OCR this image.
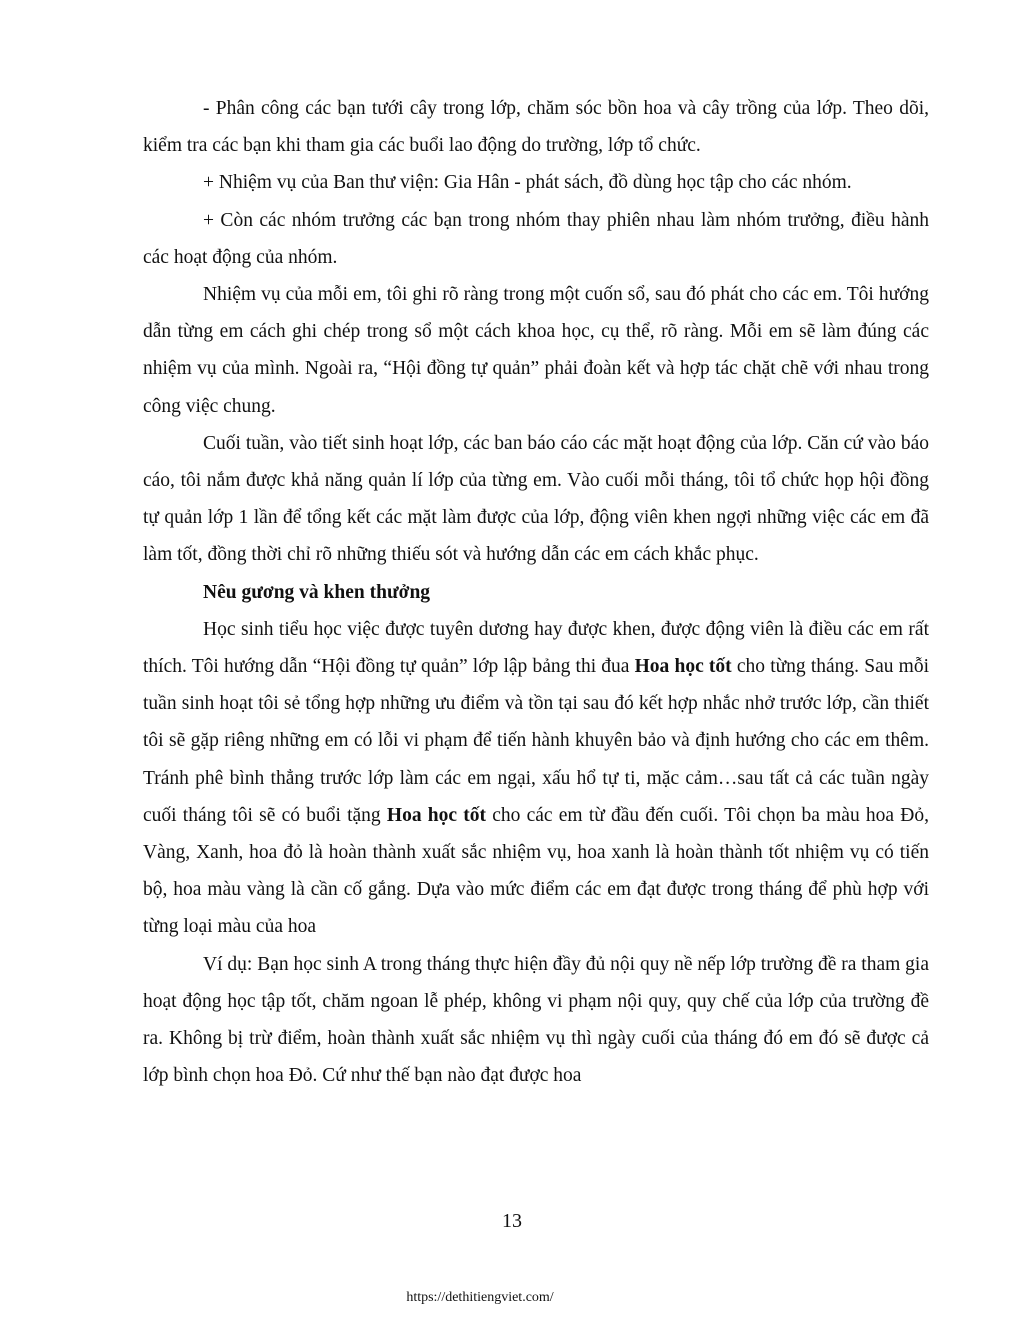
- Phân công các bạn tưới cây trong lớp, chăm sóc bồn hoa và cây trồng của lớp. Theo dõi, kiểm tra các bạn khi tham gia các buổi lao động do trường, lớp tổ chức.

+ Nhiệm vụ của Ban thư viện: Gia Hân - phát sách, đồ dùng học tập cho các nhóm.

+ Còn các nhóm trưởng các bạn trong nhóm thay phiên nhau làm nhóm trưởng, điều hành các hoạt động của nhóm.

Nhiệm vụ của mỗi em, tôi ghi rõ ràng trong một cuốn sổ, sau đó phát cho các em. Tôi hướng dẫn từng em cách ghi chép trong sổ một cách khoa học, cụ thể, rõ ràng. Mỗi em sẽ làm đúng các nhiệm vụ của mình. Ngoài ra, “Hội đồng tự quản” phải đoàn kết và hợp tác chặt chẽ với nhau trong công việc chung.

Cuối tuần, vào tiết sinh hoạt lớp, các ban báo cáo các mặt hoạt động của lớp. Căn cứ vào báo cáo, tôi nắm được khả năng quản lí lớp của từng em. Vào cuối mỗi tháng, tôi tổ chức họp hội đồng tự quản lớp 1 lần để tổng kết các mặt làm được của lớp, động viên khen ngợi những việc các em đã làm tốt, đồng thời chỉ rõ những thiếu sót và hướng dẫn các em cách khắc phục.

Nêu gương và khen thưởng

Học sinh tiểu học việc được tuyên dương hay được khen, được động viên là điều các em rất thích. Tôi hướng dẫn “Hội đồng tự quản” lớp lập bảng thi đua Hoa học tốt cho từng tháng. Sau mỗi tuần sinh hoạt tôi sẻ tổng hợp những ưu điểm và tồn tại sau đó kết hợp nhắc nhở trước lớp, cần thiết tôi sẽ gặp riêng những em có lỗi vi phạm để tiến hành khuyên bảo và định hướng cho các em thêm. Tránh phê bình thẳng trước lớp làm các em ngại, xấu hổ tự ti, mặc cảm…sau tất cả các tuần ngày cuối tháng tôi sẽ có buổi tặng Hoa học tốt cho các em từ đầu đến cuối. Tôi chọn ba màu hoa Đỏ, Vàng, Xanh, hoa đỏ là hoàn thành xuất sắc nhiệm vụ, hoa xanh là hoàn thành tốt nhiệm vụ có tiến bộ, hoa màu vàng là cần cố gắng. Dựa vào mức điểm các em đạt được trong tháng để phù hợp với từng loại màu của hoa

Ví dụ: Bạn học sinh A trong tháng thực hiện đầy đủ nội quy nề nếp lớp trường đề ra tham gia hoạt động học tập tốt, chăm ngoan lễ phép, không vi phạm nội quy, quy chế của lớp của trường đề ra. Không bị trừ điểm, hoàn thành xuất sắc nhiệm vụ thì ngày cuối của tháng đó em đó sẽ được cả lớp bình chọn hoa Đỏ. Cứ như thế bạn nào đạt được hoa

13
https://dethitiengviet.com/
